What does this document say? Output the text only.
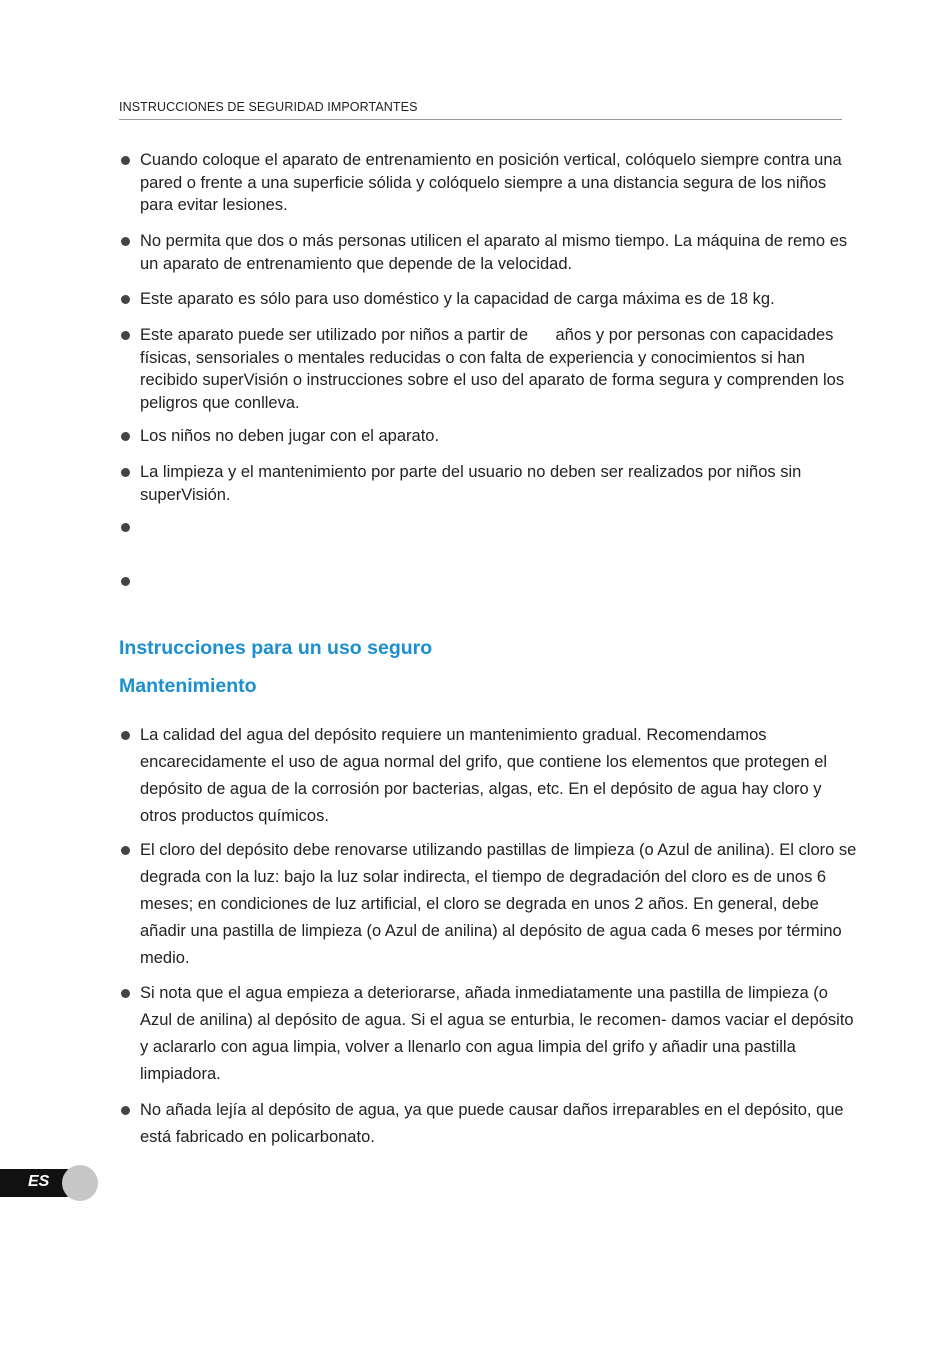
INSTRUCCIONES DE SEGURIDAD IMPORTANTES
Cuando coloque el aparato de entrenamiento en posición vertical, colóquelo siempre contra una pared o frente a una superficie sólida y colóquelo siempre a una distancia segura de los niños para evitar lesiones.
No permita que dos o más personas utilicen el aparato al mismo tiempo. La máquina de remo es un aparato de entrenamiento que depende de la velocidad.
Este aparato es sólo para uso doméstico y la capacidad de carga máxima es de 18 kg.
Este aparato puede ser utilizado por niños a partir de      años y por personas con capacidades físicas, sensoriales o mentales reducidas o con falta de experiencia y conocimientos si han recibido superVisión o instrucciones sobre el uso del aparato de forma segura y comprenden los peligros que conlleva.
Los niños no deben jugar con el aparato.
La limpieza y el mantenimiento por parte del usuario no deben ser realizados por niños sin superVisión.
Instrucciones para un uso seguro
Mantenimiento
La calidad del agua del depósito requiere un mantenimiento gradual. Recomendamos encarecidamente el uso de agua normal del grifo, que contiene los elementos que protegen el depósito de agua de la corrosión por bacterias, algas, etc. En el depósito de agua hay cloro y otros productos químicos.
El cloro del depósito debe renovarse utilizando pastillas de limpieza (o Azul de anilina). El cloro se degrada con la luz: bajo la luz solar indirecta, el tiempo de degradación del cloro es de unos 6 meses; en condiciones de luz artificial, el cloro se degrada en unos 2 años. En general, debe añadir una pastilla de limpieza (o Azul de anilina) al depósito de agua cada 6 meses por término medio.
Si nota que el agua empieza a deteriorarse, añada inmediatamente una pastilla de limpieza (o Azul de anilina) al depósito de agua. Si el agua se enturbia, le recomen- damos vaciar el depósito y aclararlo con agua limpia, volver a llenarlo con agua limpia del grifo y añadir una pastilla limpiadora.
No añada lejía al depósito de agua, ya que puede causar daños irreparables en el depósito, que está fabricado en policarbonato.
ES
